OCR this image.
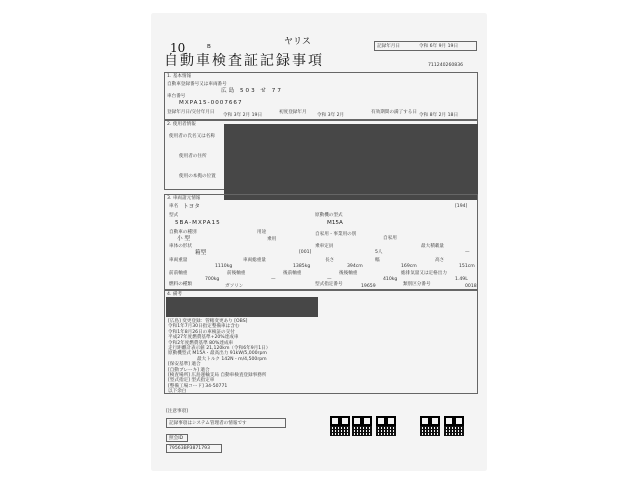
10	B	ヤリス	記録年月日	令和 6年 9月 19日
自動車検査証記録事項	711240260836
1. 基本情報
自動車登録番号又は車両番号
広島 503 せ 77
車台番号
MXPA15-0007667
登録年月日/交付年月日
令和 3年 2月 19日
初度登録年月
令和 3年 2月
有効期間の満了する日
令和 8年 2月 18日
2. 使用者情報
使用者の氏名又は名称
使用者の住所
使用の本拠の位置
3. 車両諸元情報
車名 トヨタ	[194]
型式
5BA-MXPA15
原動機の型式
M15A
自動車の種別
小 型
用途
乗用
自家用・事業用の別
自家用
車体の形状
箱型	[001]
乗車定員
5人
最大積載量
—
車両重量
1110kg
車両総重量
1385kg
長さ
394cm
幅
169cm
高さ
151cm
前前軸重
700kg
前後軸重
—
後前軸重
—
後後軸重
410kg
総排気量又は定格出力
1.49L
燃料の種類	ガソリン	型式指定番号	19659	類別区分番号	0018
4. 備考
[広島] 変更登録：管轄変更あり [OBS]
令和1年7月30日指定整備車は含む
令和1年8月26日の車検証の交付
平成27年度燃費基準+20%達成車
令和2年度燃費基準 80%達成車
走行距離計表示値 21,120km（令和6年9月1日）
原動機型式 M15A・最高出力 91kW/5,000rpm
　　　　　　 最大トルク 142N・m/4,500rpm
[保安基準] 適合
[自動ブレーキ] 適合
[検査場所] 広島運輸支局 自動車検査登録事務所
[型式指定] 型式指定車
[整備工場コード] 34-50771
以下余白
[注意事項]
記録事項はシステム管理者の情報です
照会ID
79563BP3871793
